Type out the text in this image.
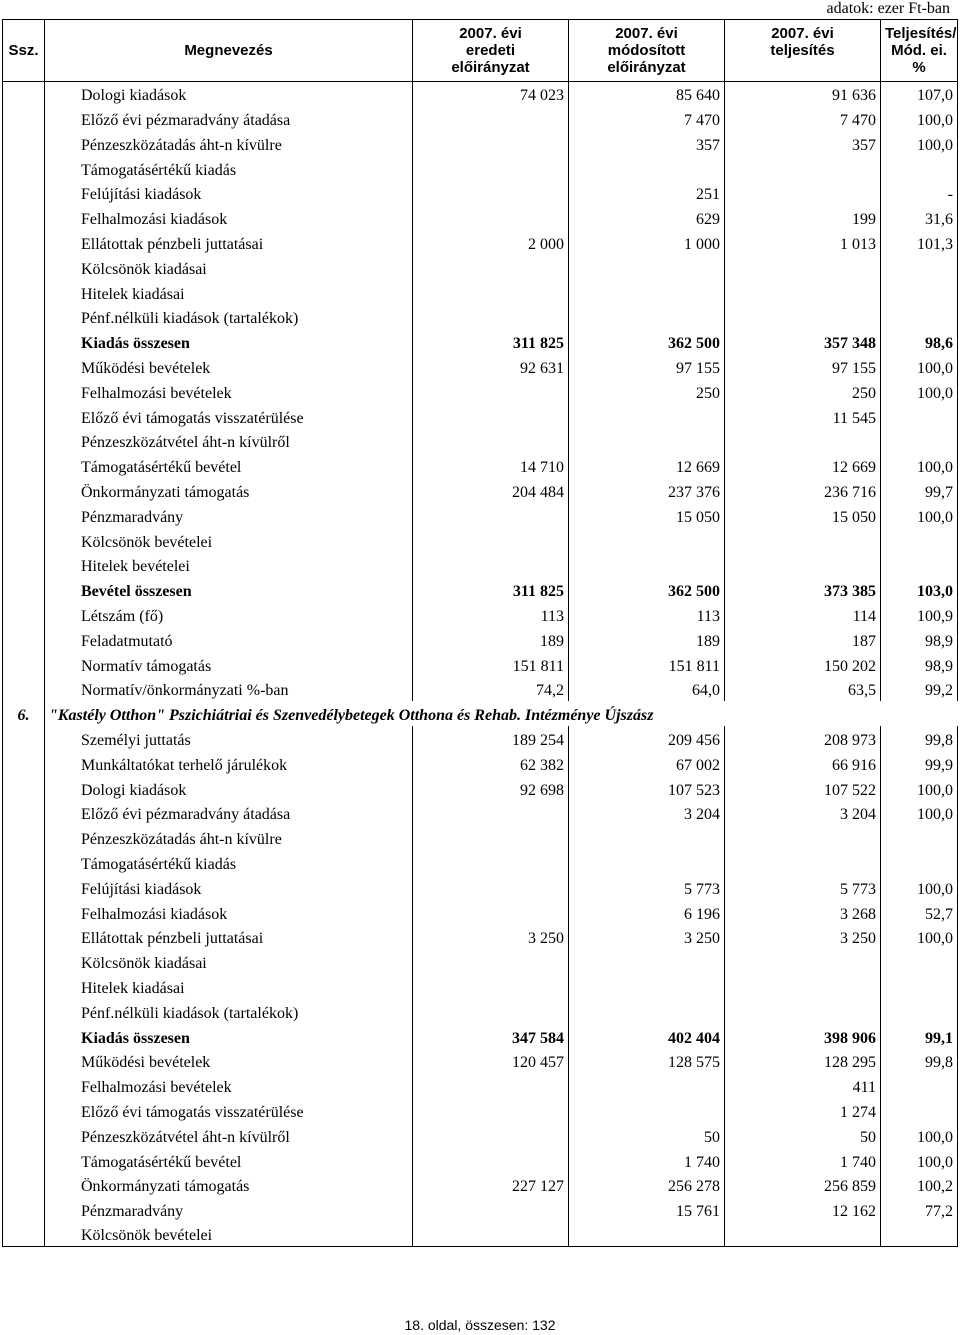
adatok: ezer Ft-ban
Ssz.	Megnevezés	2007. évi
eredeti
előirányzat	2007. évi
módosított
előirányzat	2007. évi
teljesítés	Teljesítés/
Mód. ei.
%

	Dologi kiadások	74 023	85 640	91 636	107,0
	Előző évi pézmaradvány átadása		7 470	7 470	100,0
	Pénzeszközátadás áht-n kívülre		357	357	100,0
	Támogatásértékű kiadás				
	Felújítási kiadások		251		-
	Felhalmozási kiadások		629	199	31,6
	Ellátottak pénzbeli juttatásai	2 000	1 000	1 013	101,3
	Kölcsönök kiadásai				
	Hitelek kiadásai				
	Pénf.nélküli kiadások (tartalékok)				
	Kiadás összesen	311 825	362 500	357 348	98,6
	Működési bevételek	92 631	97 155	97 155	100,0
	Felhalmozási bevételek		250	250	100,0
	Előző évi támogatás visszatérülése			11 545	
	Pénzeszközátvétel áht-n kívülről				
	Támogatásértékű bevétel	14 710	12 669	12 669	100,0
	Önkormányzati támogatás	204 484	237 376	236 716	99,7
	Pénzmaradvány		15 050	15 050	100,0
	Kölcsönök bevételei				
	Hitelek bevételei				
	Bevétel összesen	311 825	362 500	373 385	103,0
	Létszám (fő)	113	113	114	100,9
	Feladatmutató	189	189	187	98,9
	Normatív támogatás	151 811	151 811	150 202	98,9
	Normatív/önkormányzati %-ban	74,2	64,0	63,5	99,2
6.	"Kastély Otthon" Pszichiátriai és Szenvedélybetegek Otthona és Rehab. Intézménye Újszász				
	Személyi juttatás	189 254	209 456	208 973	99,8
	Munkáltatókat terhelő járulékok	62 382	67 002	66 916	99,9
	Dologi kiadások	92 698	107 523	107 522	100,0
	Előző évi pézmaradvány átadása		3 204	3 204	100,0
	Pénzeszközátadás áht-n kívülre				
	Támogatásértékű kiadás				
	Felújítási kiadások		5 773	5 773	100,0
	Felhalmozási kiadások		6 196	3 268	52,7
	Ellátottak pénzbeli juttatásai	3 250	3 250	3 250	100,0
	Kölcsönök kiadásai				
	Hitelek kiadásai				
	Pénf.nélküli kiadások (tartalékok)				
	Kiadás összesen	347 584	402 404	398 906	99,1
	Működési bevételek	120 457	128 575	128 295	99,8
	Felhalmozási bevételek			411	
	Előző évi támogatás visszatérülése			1 274	
	Pénzeszközátvétel áht-n kívülről		50	50	100,0
	Támogatásértékű bevétel		1 740	1 740	100,0
	Önkormányzati támogatás	227 127	256 278	256 859	100,2
	Pénzmaradvány		15 761	12 162	77,2
	Kölcsönök bevételei				
18. oldal, összesen: 132
